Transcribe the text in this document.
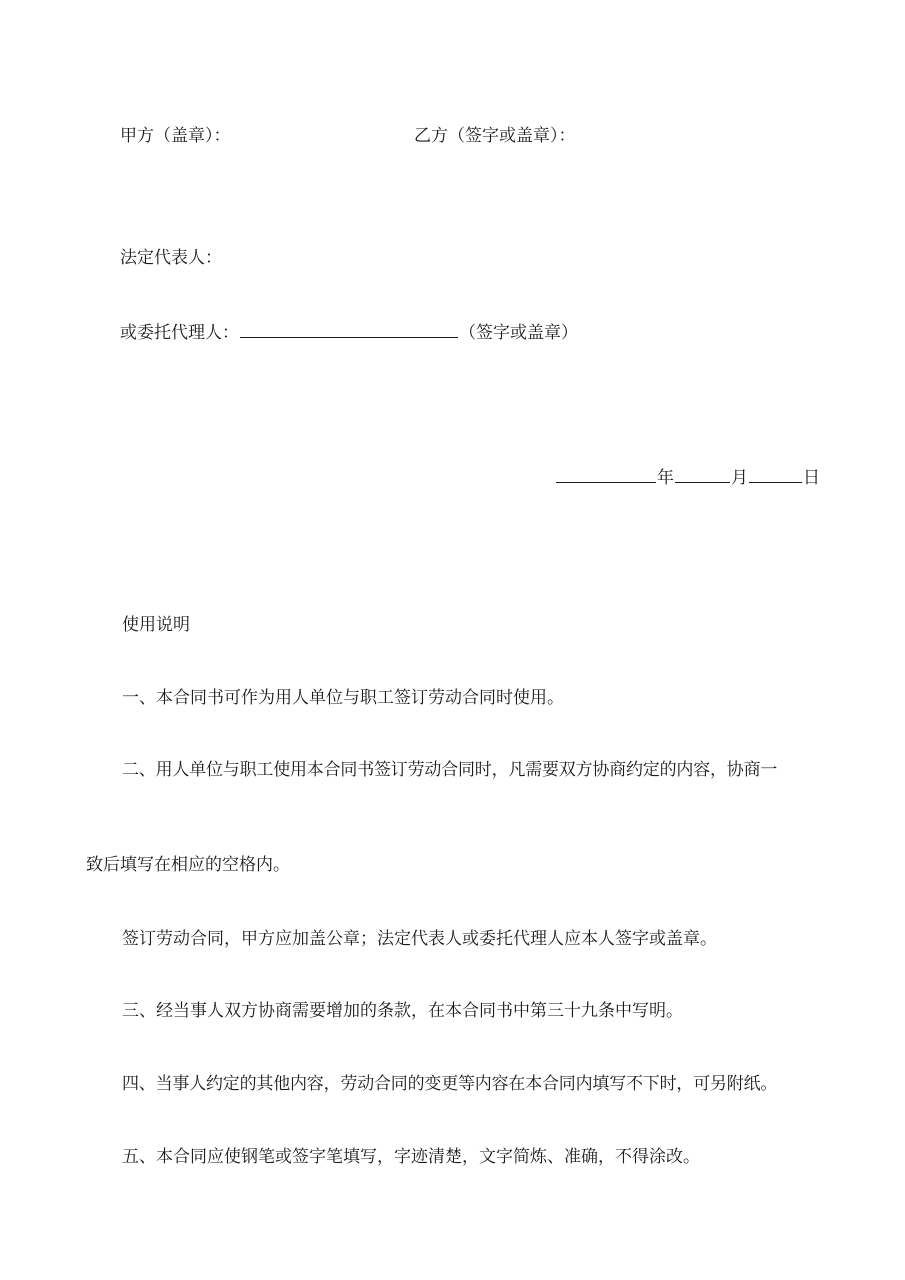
甲方（盖章）：	乙方（签字或盖章）：
法定代表人：
或委托代理人：	（签字或盖章）
年	月	日
使用说明
一、本合同书可作为用人单位与职工签订劳动合同时使用。
二、用人单位与职工使用本合同书签订劳动合同时，凡需要双方协商约定的内容，协商一
致后填写在相应的空格内。
签订劳动合同，甲方应加盖公章；法定代表人或委托代理人应本人签字或盖章。
三、经当事人双方协商需要增加的条款，在本合同书中第三十九条中写明。
四、当事人约定的其他内容，劳动合同的变更等内容在本合同内填写不下时，可另附纸。
五、本合同应使钢笔或签字笔填写，字迹清楚，文字简炼、准确，不得涂改。
